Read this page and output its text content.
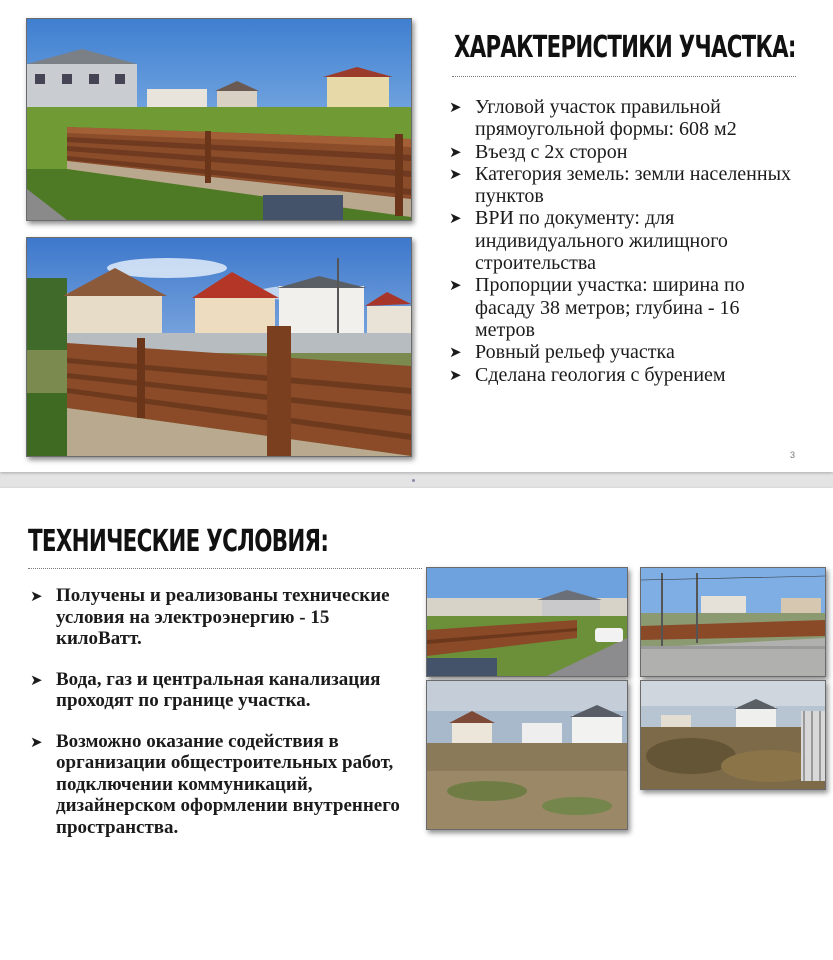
ХАРАКТЕРИСТИКИ УЧАСТКА:
➤ Угловой участок правильной прямоугольной формы: 608 м2
➤ Въезд с 2х сторон
➤ Категория земель: земли населенных пунктов
➤ ВРИ по документу: для индивидуального жилищного строительства
➤ Пропорции участка: ширина по фасаду 38 метров; глубина - 16 метров
➤ Ровный рельеф участка
➤ Сделана геология с бурением
3
ТЕХНИЧЕСКИЕ УСЛОВИЯ:
➤ Получены и реализованы технические условия на электроэнергию - 15 килоВатт.
➤ Вода, газ и центральная канализация проходят по границе участка.
➤ Возможно оказание содействия в организации общестроительных работ, подключении коммуникаций, дизайнерском оформлении внутреннего пространства.
